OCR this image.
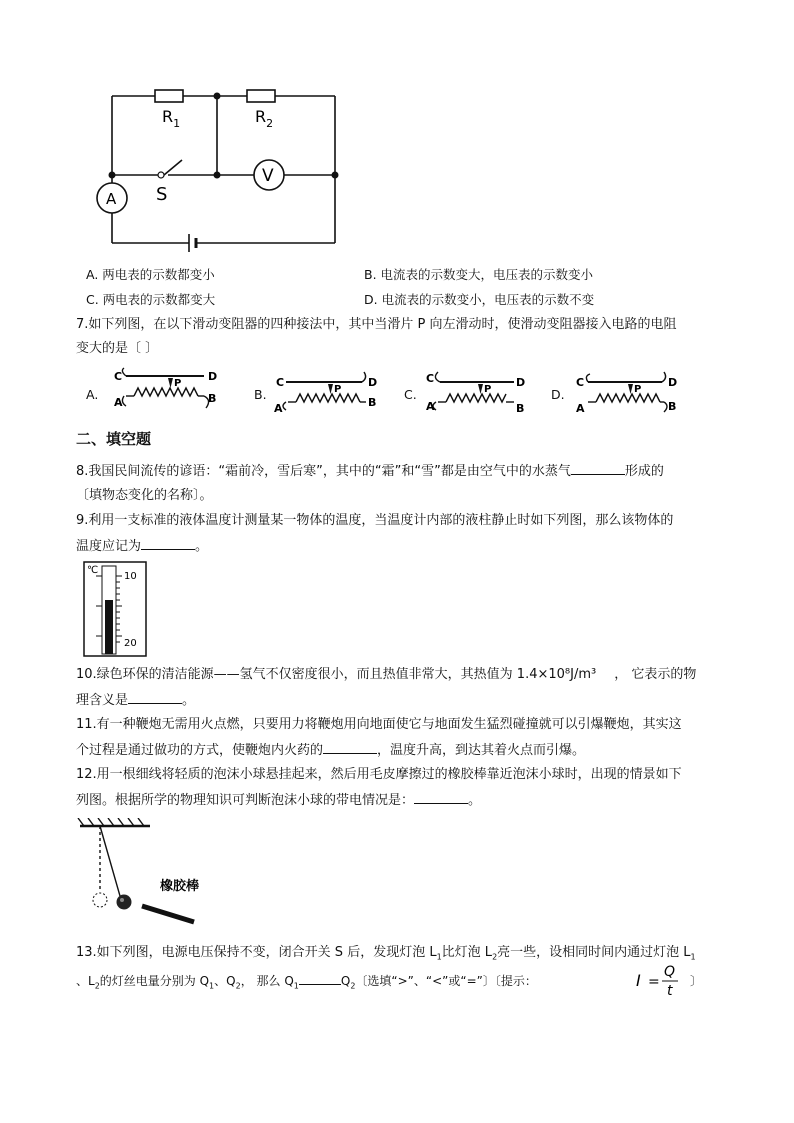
$R_1$	$R_2$
S
A
V
A. 两电表的示数都变小	B. 电流表的示数变大，电压表的示数变小
C. 两电表的示数都变大	D. 电流表的示数变小，电压表的示数不变
7.如下列图，在以下滑动变阻器的四种接法中，其中当滑片 P 向左滑动时，使滑动变阻器接入电路的电阻
变大的是〔 〕
A.	B.	C.	D.
C	D
A	B
P	C	D
A	B
P
C	D
A	B
P
C	D
A	B
P
二、填空题
8.我国民间流传的谚语：“霜前冷，雪后寒”，其中的“霜”和“雪”都是由空气中的水蒸气	形成的
〔填物态变化的名称〕。
9.利用一支标准的液体温度计测量某一物体的温度，当温度计内部的液柱静止时如下列图，那么该物体的
温度应记为	。
℃
10
20
10.绿色环保的清洁能源——氢气不仅密度很小，而且热值非常大，其热值为 1.4×10⁸J/m³ ， 它表示的物
理含义是	。
11.有一种鞭炮无需用火点燃，只要用力将鞭炮用向地面使它与地面发生猛烈碰撞就可以引爆鞭炮，其实这
个过程是通过做功的方式，使鞭炮内火药的	，温度升高，到达其着火点而引爆。
12.用一根细线将轻质的泡沫小球悬挂起来，然后用毛皮摩擦过的橡胶棒靠近泡沫小球时，出现的情景如下
列图。根据所学的物理知识可判断泡沫小球的带电情况是：	。
橡胶棒
13.如下列图，电源电压保持不变，闭合开关 S 后，发现灯泡 $L_1$比灯泡 $L_2$亮一些，设相同时间内通过灯泡 $L_1$
、$L_2$的灯丝电量分别为 $Q_1$、$Q_2$， 那么 $Q_1$	$Q_2$〔选填“>”、“<”或“=”〕〔提示：	I =
Q
t
〕
